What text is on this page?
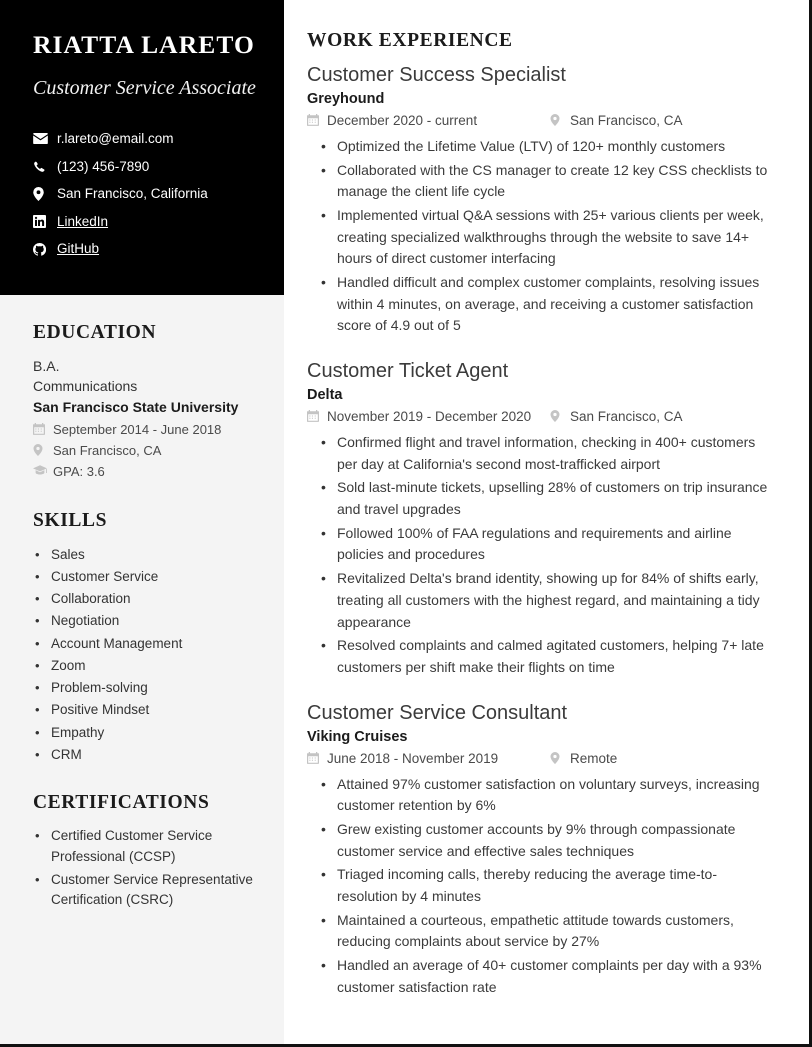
RIATTA LARETO
Customer Service Associate
r.lareto@email.com
(123) 456-7890
San Francisco, California
LinkedIn
GitHub
EDUCATION
B.A.
Communications
San Francisco State University
September 2014 - June 2018
San Francisco, CA
GPA: 3.6
SKILLS
• Sales
• Customer Service
• Collaboration
• Negotiation
• Account Management
• Zoom
• Problem-solving
• Positive Mindset
• Empathy
• CRM
CERTIFICATIONS
• Certified Customer Service Professional (CCSP)
• Customer Service Representative Certification (CSRC)
WORK EXPERIENCE
Customer Success Specialist
Greyhound
December 2020 - current	San Francisco, CA
• Optimized the Lifetime Value (LTV) of 120+ monthly customers
• Collaborated with the CS manager to create 12 key CSS checklists to manage the client life cycle
• Implemented virtual Q&A sessions with 25+ various clients per week, creating specialized walkthroughs through the website to save 14+ hours of direct customer interfacing
• Handled difficult and complex customer complaints, resolving issues within 4 minutes, on average, and receiving a customer satisfaction score of 4.9 out of 5
Customer Ticket Agent
Delta
November 2019 - December 2020	San Francisco, CA
• Confirmed flight and travel information, checking in 400+ customers per day at California's second most-trafficked airport
• Sold last-minute tickets, upselling 28% of customers on trip insurance and travel upgrades
• Followed 100% of FAA regulations and requirements and airline policies and procedures
• Revitalized Delta's brand identity, showing up for 84% of shifts early, treating all customers with the highest regard, and maintaining a tidy appearance
• Resolved complaints and calmed agitated customers, helping 7+ late customers per shift make their flights on time
Customer Service Consultant
Viking Cruises
June 2018 - November 2019	Remote
• Attained 97% customer satisfaction on voluntary surveys, increasing customer retention by 6%
• Grew existing customer accounts by 9% through compassionate customer service and effective sales techniques
• Triaged incoming calls, thereby reducing the average time-to-resolution by 4 minutes
• Maintained a courteous, empathetic attitude towards customers, reducing complaints about service by 27%
• Handled an average of 40+ customer complaints per day with a 93% customer satisfaction rate
